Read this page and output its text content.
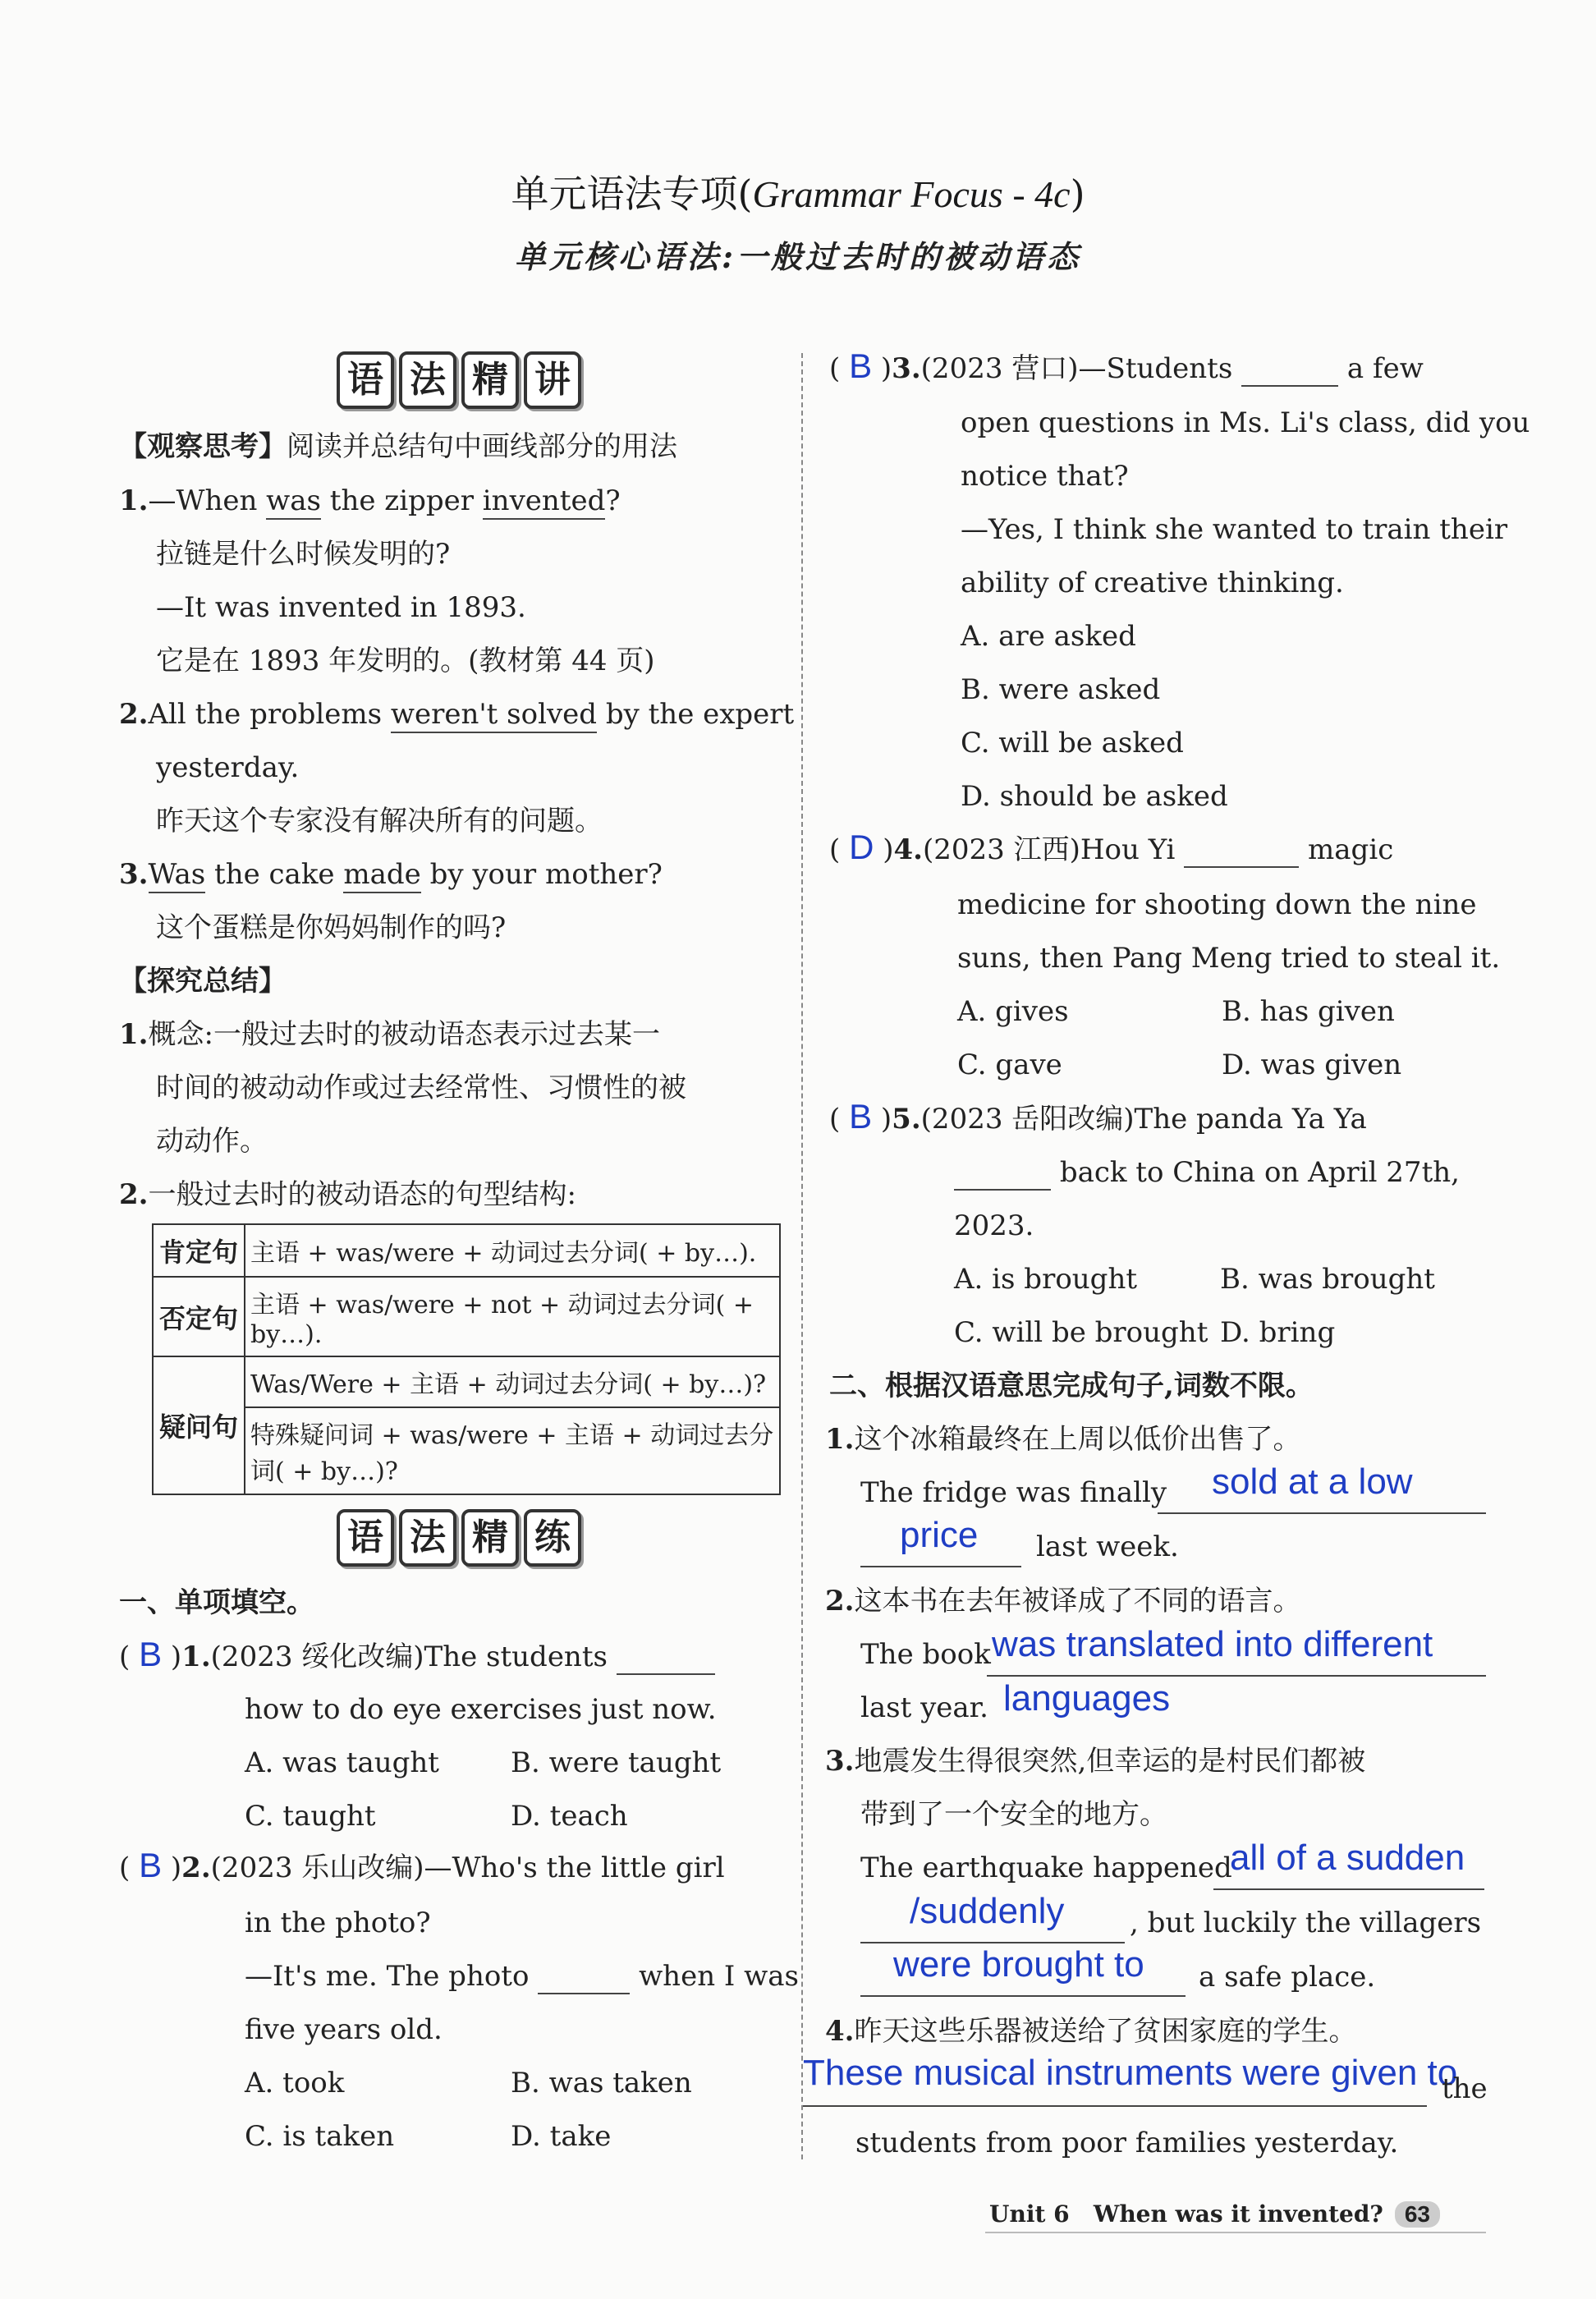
单元语法专项(Grammar Focus - 4c)
单元核心语法:一般过去时的被动语态
语 法 精 讲
【观察思考】阅读并总结句中画线部分的用法
1.—When was the zipper invented?
拉链是什么时候发明的?
—It was invented in 1893.
它是在 1893 年发明的。(教材第 44 页)
2.All the problems weren't solved by the expert
yesterday.
昨天这个专家没有解决所有的问题。
3.Was the cake made by your mother?
这个蛋糕是你妈妈制作的吗?
【探究总结】
1.概念:一般过去时的被动语态表示过去某一
时间的被动动作或过去经常性、习惯性的被
动动作。
2.一般过去时的被动语态的句型结构:
肯定句	主语 + was/were + 动词过去分词( + by…).
否定句	主语 + was/were + not + 动词过去分词( + by…).
疑问句	Was/Were + 主语 + 动词过去分词( + by…)?
	特殊疑问词 + was/were + 主语 + 动词过去分词( + by…)?
语 法 精 练
一、单项填空。
( B )1.(2023 绥化改编)The students
how to do eye exercises just now.
A. was taught	B. were taught
C. taught	D. teach
( B )2.(2023 乐山改编)—Who's the little girl
in the photo?
—It's me. The photo	when I was
five years old.
A. took	B. was taken
C. is taken	D. take
( B )3.(2023 营口)—Students	a few
open questions in Ms. Li's class, did you
notice that?
—Yes, I think she wanted to train their
ability of creative thinking.
A. are asked
B. were asked
C. will be asked
D. should be asked
( D )4.(2023 江西)Hou Yi	magic
medicine for shooting down the nine
suns, then Pang Meng tried to steal it.
A. gives	B. has given
C. gave	D. was given
( B )5.(2023 岳阳改编)The panda Ya Ya
back to China on April 27th,
2023.
A. is brought	B. was brought
C. will be brought D. bring
二、根据汉语意思完成句子,词数不限。
1.这个冰箱最终在上周以低价出售了。
The fridge was finally	sold at a low
price	last week.
2.这本书在去年被译成了不同的语言。
The book was translated into different
last year. languages
3.地震发生得很突然,但幸运的是村民们都被
带到了一个安全的地方。
The earthquake happened
all of a sudden
/suddenly	, but luckily the villagers
were brought to	a safe place.
4.昨天这些乐器被送给了贫困家庭的学生。
These musical instruments were given to
the
students from poor families yesterday.
Unit 6 When was it invented? 63
